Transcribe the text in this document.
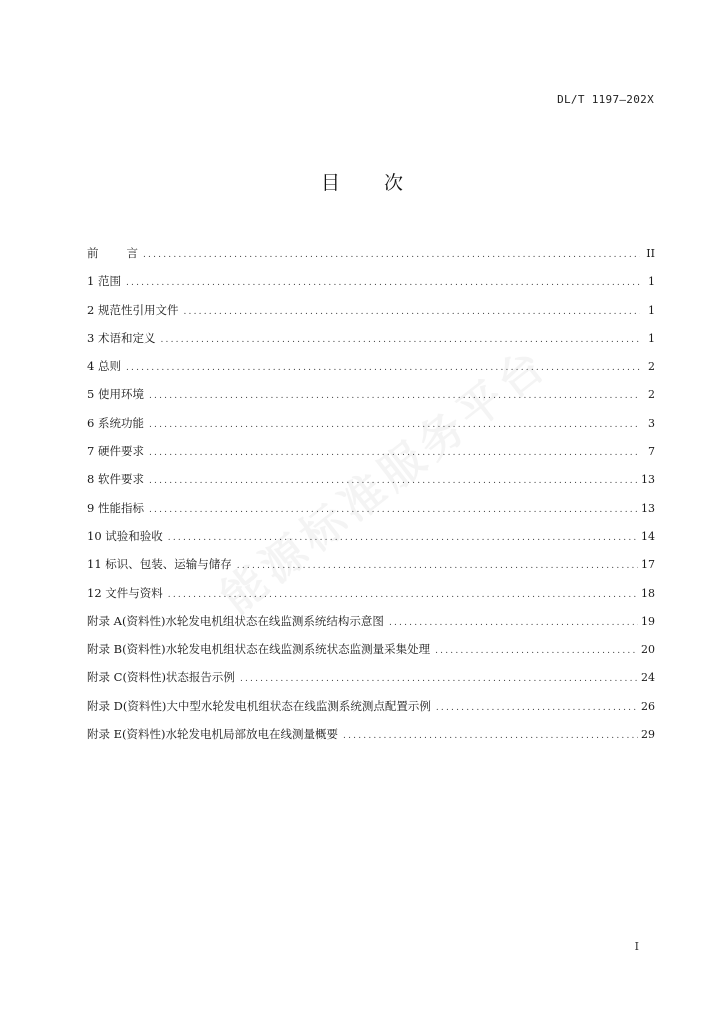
DL/T 1197—202X
目次
前 言 .....	II
1 范围 .....	1
2 规范性引用文件 .....	1
3 术语和定义 .....	1
4 总则 .....	2
5 使用环境 .....	2
6 系统功能 .....	3
7 硬件要求 .....	7
8 软件要求 .....	13
9 性能指标 .....	13
10 试验和验收 .....	14
11 标识、包装、运输与储存 .....	17
12 文件与资料 .....	18
附录 A(资料性)水轮发电机组状态在线监测系统结构示意图 .....	19
附录 B(资料性)水轮发电机组状态在线监测系统状态监测量采集处理 .....	20
附录 C(资料性)状态报告示例 .....	24
附录 D(资料性)大中型水轮发电机组状态在线监测系统测点配置示例 .....	26
附录 E(资料性)水轮发电机局部放电在线测量概要 .....	29
I
